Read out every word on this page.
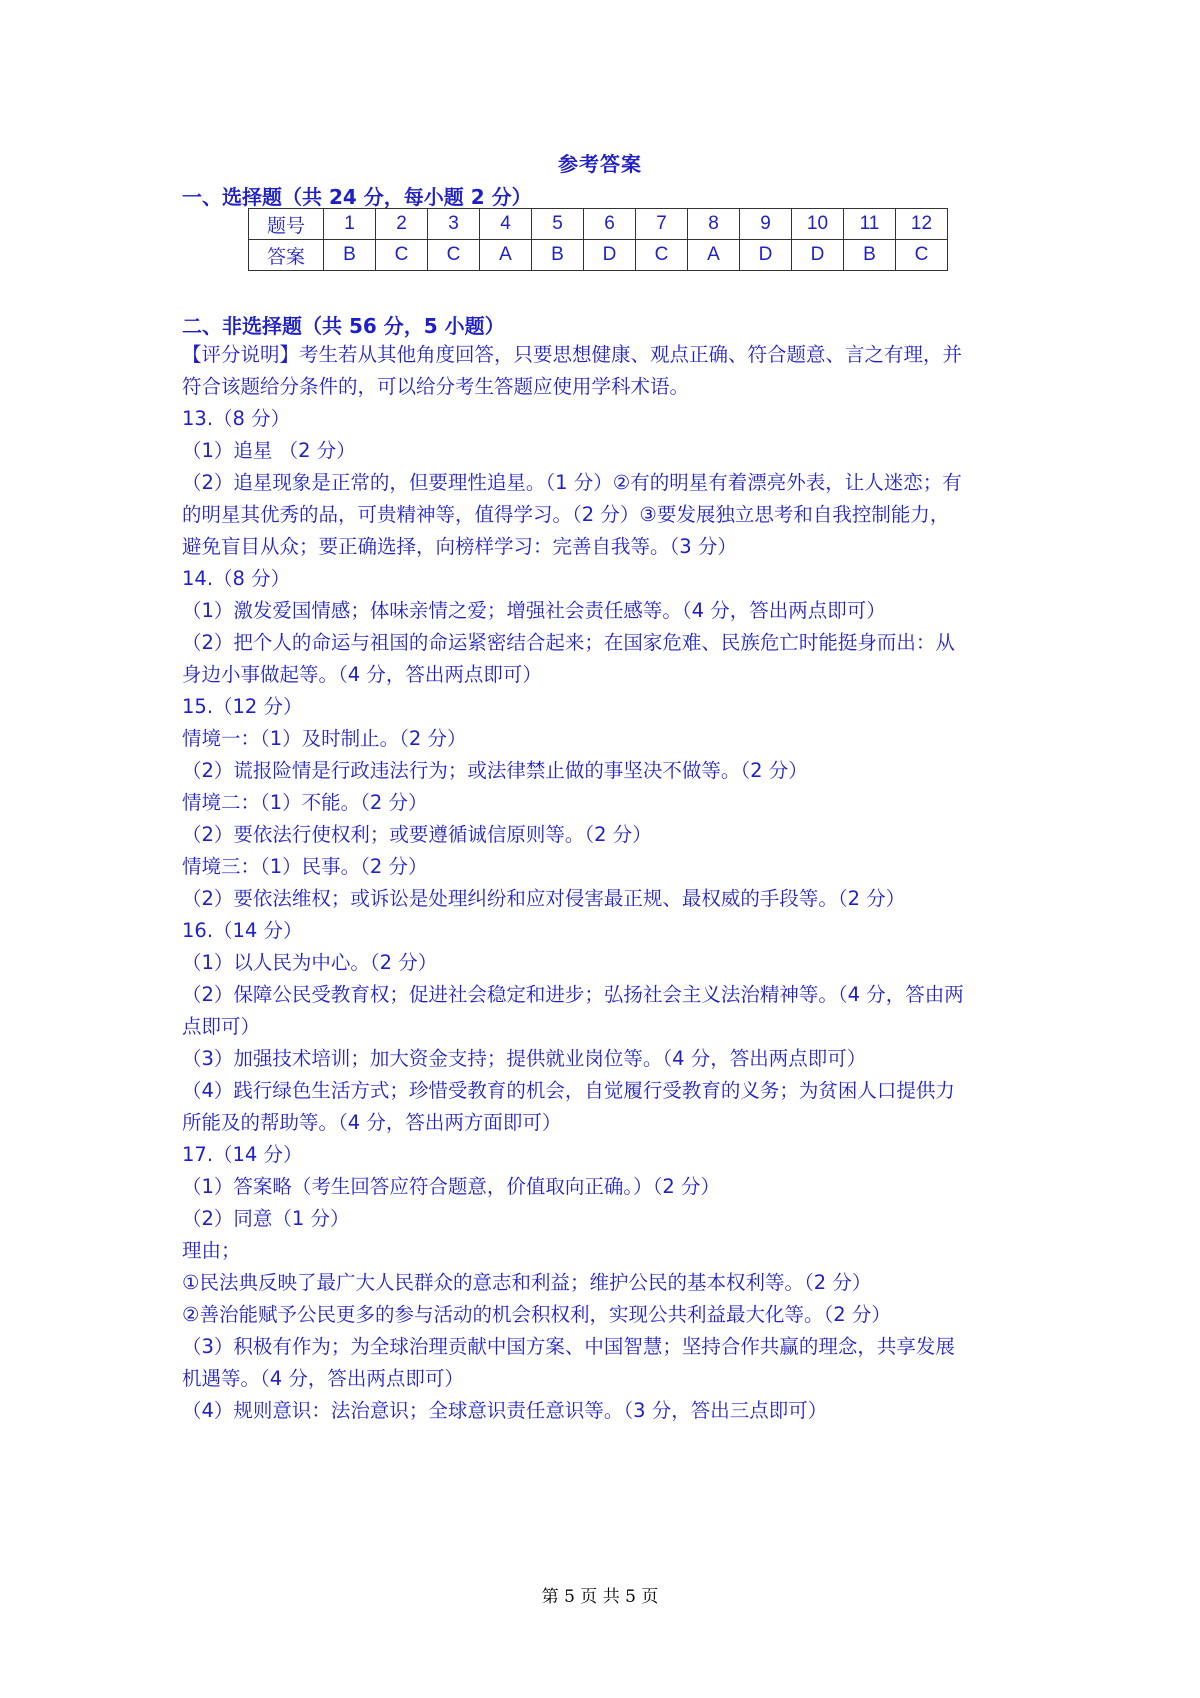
参考答案
一、选择题（共 24 分，每小题 2 分）
题号	1	2	3	4	5	6	7	8	9	10	11	12
答案	B	C	C	A	B	D	C	A	D	D	B	C
二、非选择题（共 56 分，5 小题）
【评分说明】考生若从其他角度回答，只要思想健康、观点正确、符合题意、言之有理，并
符合该题给分条件的，可以给分考生答题应使用学科术语。
13.（8 分）
（1）追星 （2 分）
（2）追星现象是正常的，但要理性追星。（1 分）②有的明星有着漂亮外表，让人迷恋；有
的明星其优秀的品，可贵精神等，值得学习。（2 分）③要发展独立思考和自我控制能力，
避免盲目从众；要正确选择，向榜样学习：完善自我等。（3 分）
14.（8 分）
（1）激发爱国情感；体味亲情之爱；增强社会责任感等。（4 分，答出两点即可）
（2）把个人的命运与祖国的命运紧密结合起来；在国家危难、民族危亡时能挺身而出：从
身边小事做起等。（4 分，答出两点即可）
15.（12 分）
情境一：（1）及时制止。（2 分）
（2）谎报险情是行政违法行为；或法律禁止做的事坚决不做等。（2 分）
情境二：（1）不能。（2 分）
（2）要依法行使权利；或要遵循诚信原则等。（2 分）
情境三：（1）民事。（2 分）
（2）要依法维权；或诉讼是处理纠纷和应对侵害最正规、最权威的手段等。（2 分）
16.（14 分）
（1）以人民为中心。（2 分）
（2）保障公民受教育权；促进社会稳定和进步；弘扬社会主义法治精神等。（4 分，答由两
点即可）
（3）加强技术培训；加大资金支持；提供就业岗位等。（4 分，答出两点即可）
（4）践行绿色生活方式；珍惜受教育的机会，自觉履行受教育的义务；为贫困人口提供力
所能及的帮助等。（4 分，答出两方面即可）
17.（14 分）
（1）答案略（考生回答应符合题意，价值取向正确。）（2 分）
（2）同意（1 分）
理由；
①民法典反映了最广大人民群众的意志和利益；维护公民的基本权利等。（2 分）
②善治能赋予公民更多的参与活动的机会积权利，实现公共利益最大化等。（2 分）
（3）积极有作为；为全球治理贡献中国方案、中国智慧；坚持合作共赢的理念，共享发展
机遇等。（4 分，答出两点即可）
（4）规则意识：法治意识；全球意识责任意识等。（3 分，答出三点即可）
第 5 页 共 5 页
